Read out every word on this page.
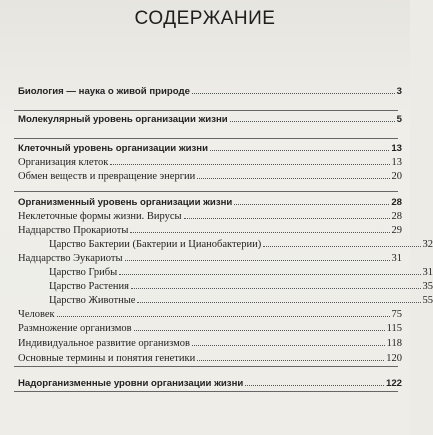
СОДЕРЖАНИЕ
Биология — наука о живой природе	3
Молекулярный уровень организации жизни	5
Клеточный уровень организации жизни	13
Организация клеток	13
Обмен веществ и превращение энергии	20
Организменный уровень организации жизни	28
Неклеточные формы жизни. Вирусы	28
Надцарство Прокариоты	29
Царство Бактерии (Бактерии и Цианобактерии)	32
Надцарство Эукариоты	31
Царство Грибы	31
Царство Растения	35
Царство Животные	55
Человек	75
Размножение организмов	115
Индивидуальное развитие организмов	118
Основные термины и понятия генетики	120
Надорганизменные уровни организации жизни	122
